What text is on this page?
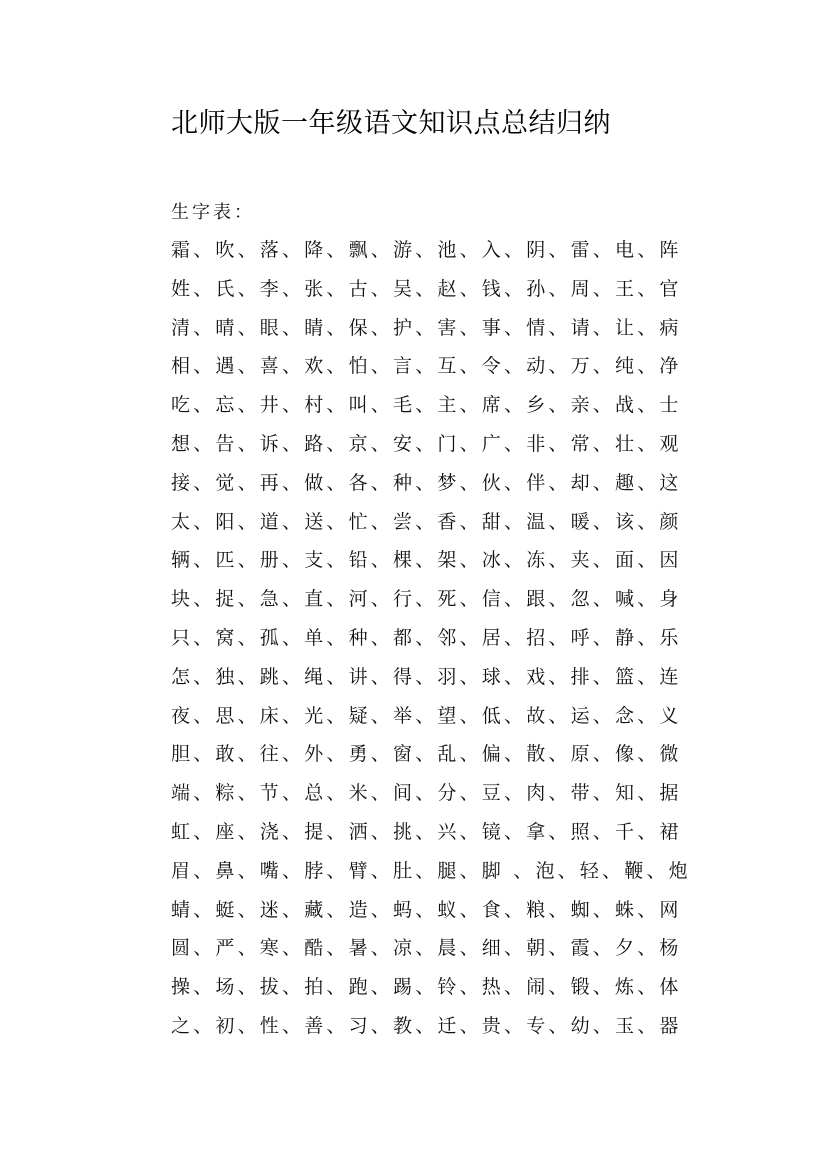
北师大版一年级语文知识点总结归纳
生字表：
霜、吹、落、降、飘、游、池、入、阴、雷、电、阵
姓、氏、李、张、古、吴、赵、钱、孙、周、王、官
清、晴、眼、睛、保、护、害、事、情、请、让、病
相、遇、喜、欢、怕、言、互、令、动、万、纯、净
吃、忘、井、村、叫、毛、主、席、乡、亲、战、士
想、告、诉、路、京、安、门、广、非、常、壮、观
接、觉、再、做、各、种、梦、伙、伴、却、趣、这
太、阳、道、送、忙、尝、香、甜、温、暖、该、颜
辆、匹、册、支、铅、棵、架、冰、冻、夹、面、因
块、捉、急、直、河、行、死、信、跟、忽、喊、身
只、窝、孤、单、种、都、邻、居、招、呼、静、乐
怎、独、跳、绳、讲、得、羽、球、戏、排、篮、连
夜、思、床、光、疑、举、望、低、故、运、念、义
胆、敢、往、外、勇、窗、乱、偏、散、原、像、微
端、粽、节、总、米、间、分、豆、肉、带、知、据
虹、座、浇、提、洒、挑、兴、镜、拿、照、千、裙
眉、鼻、嘴、脖、臂、肚、腿、脚 、泡、轻、鞭、炮
蜻、蜓、迷、藏、造、蚂、蚁、食、粮、蜘、蛛、网
圆、严、寒、酷、暑、凉、晨、细、朝、霞、夕、杨
操、场、拔、拍、跑、踢、铃、热、闹、锻、炼、体
之、初、性、善、习、教、迁、贵、专、幼、玉、器
